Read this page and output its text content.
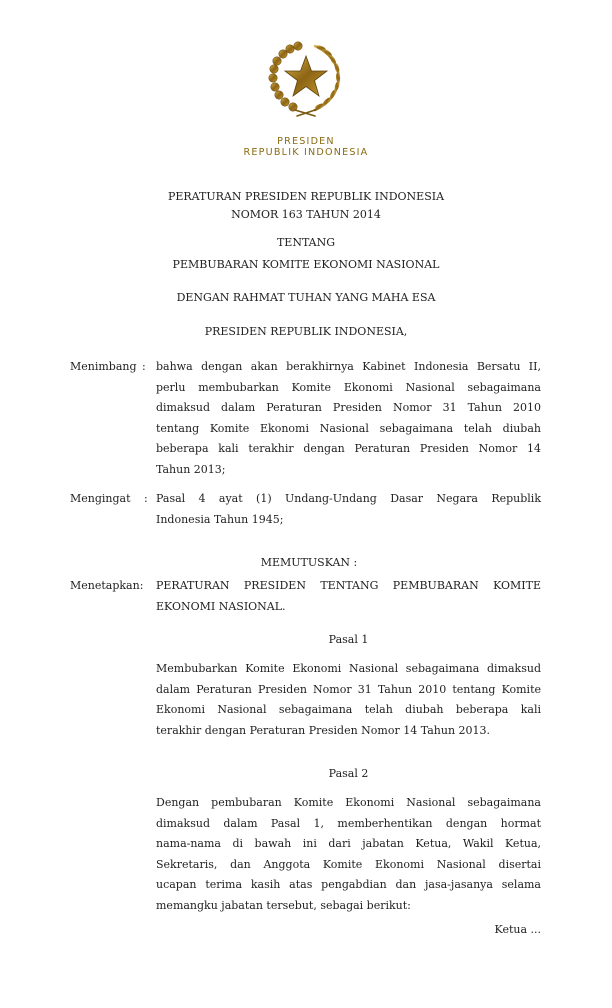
PRESIDEN
REPUBLIK INDONESIA
PERATURAN PRESIDEN REPUBLIK INDONESIA
NOMOR 163 TAHUN 2014
TENTANG
PEMBUBARAN KOMITE EKONOMI NASIONAL
DENGAN RAHMAT TUHAN YANG MAHA ESA
PRESIDEN REPUBLIK INDONESIA,
Menimbang : bahwa dengan akan berakhirnya Kabinet Indonesia Bersatu II,
perlu membubarkan Komite Ekonomi Nasional sebagaimana
dimaksud dalam Peraturan Presiden Nomor 31 Tahun 2010
tentang Komite Ekonomi Nasional sebagaimana telah diubah
beberapa kali terakhir dengan Peraturan Presiden Nomor 14
Tahun 2013;
Mengingat : Pasal 4 ayat (1) Undang-Undang Dasar Negara Republik
Indonesia Tahun 1945;
MEMUTUSKAN :
Menetapkan: PERATURAN PRESIDEN TENTANG PEMBUBARAN KOMITE
EKONOMI NASIONAL.
Pasal 1
Membubarkan Komite Ekonomi Nasional sebagaimana dimaksud
dalam Peraturan Presiden Nomor 31 Tahun 2010 tentang Komite
Ekonomi Nasional sebagaimana telah diubah beberapa kali
terakhir dengan Peraturan Presiden Nomor 14 Tahun 2013.
Pasal 2
Dengan pembubaran Komite Ekonomi Nasional sebagaimana
dimaksud dalam Pasal 1, memberhentikan dengan hormat
nama-nama di bawah ini dari jabatan Ketua, Wakil Ketua,
Sekretaris, dan Anggota Komite Ekonomi Nasional disertai
ucapan terima kasih atas pengabdian dan jasa-jasanya selama
memangku jabatan tersebut, sebagai berikut:
Ketua ...
